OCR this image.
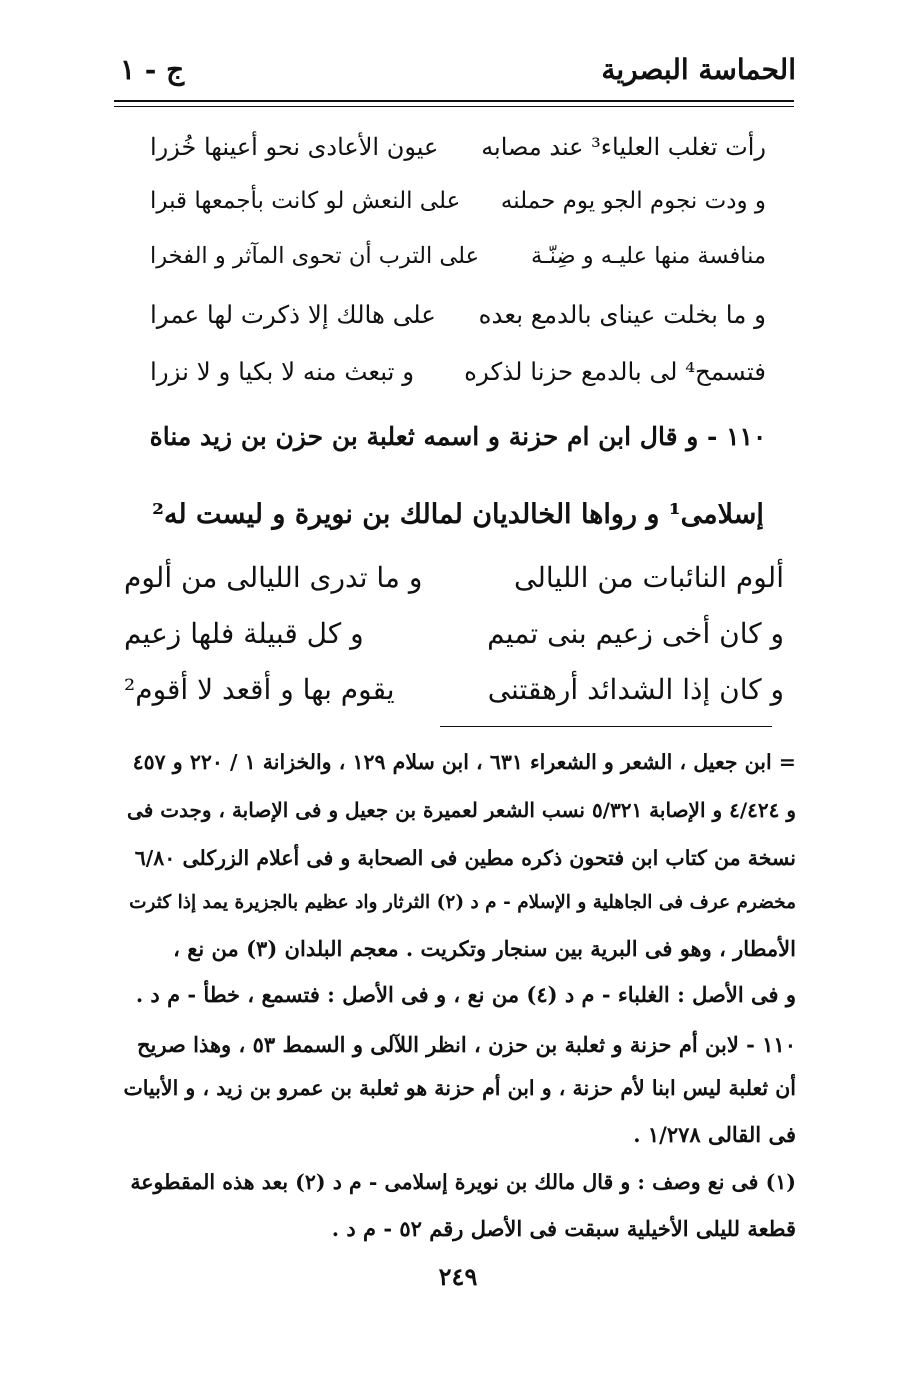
الحماسة البصرية
ج - ١
رأت تغلب العلياء³ عند مصابه
عيون الأعادى نحو أعينها خُزرا
و ودت نجوم الجو يوم حملنه
على النعش لو كانت بأجمعها قبرا
منافسة منها عليـه و ضِنّـة
على الترب أن تحوى المآثر و الفخرا
و ما بخلت عيناى بالدمع بعده
على هالك إلا ذكرت لها عمرا
فتسمح⁴ لى بالدمع حزنا لذكره
و تبعث منه لا بكيا و لا نزرا
١١٠ - و قال ابن ام حزنة و اسمه ثعلبة بن حزن بن زيد مناة
إسلامى¹ و رواها الخالديان لمالك بن نويرة و ليست له²
ألوم النائبات من الليالى
و ما تدرى الليالى من ألوم
و كان أخى زعيم بنى تميم
و كل قبيلة فلها زعيم
و كان إذا الشدائد أرهقتنى
يقوم بها و أقعد لا أقوم²
= ابن جعيل ، الشعر و الشعراء ٦٣١ ، ابن سلام ١٢٩ ، والخزانة ١ / ٢٢٠ و ٤٥٧
و ٤/٤٢٤ و الإصابة ٥/٣٢١ نسب الشعر لعميرة بن جعيل و فى الإصابة ، وجدت فى
نسخة من كتاب ابن فتحون ذكره مطين فى الصحابة و فى أعلام الزركلى ٦/٨٠
مخضرم عرف فى الجاهلية و الإسلام - م د (٢) الثرثار واد عظيم بالجزيرة يمد إذا كثرت
الأمطار ، وهو فى البرية بين سنجار وتكريت . معجم البلدان (٣) من نع ،
و فى الأصل : الغلباء - م د (٤) من نع ، و فى الأصل : فتسمع ، خطأ - م د .
١١٠ - لابن أم حزنة و ثعلبة بن حزن ، انظر اللآلى و السمط ٥٣ ، وهذا صريح
أن ثعلبة ليس ابنا لأم حزنة ، و ابن أم حزنة هو ثعلبة بن عمرو بن زيد ، و الأبيات
فى القالى ١/٢٧٨ .
(١) فى نع وصف : و قال مالك بن نويرة إسلامى - م د (٢) بعد هذه المقطوعة
قطعة لليلى الأخيلية سبقت فى الأصل رقم ٥٢ - م د .
٢٤٩
